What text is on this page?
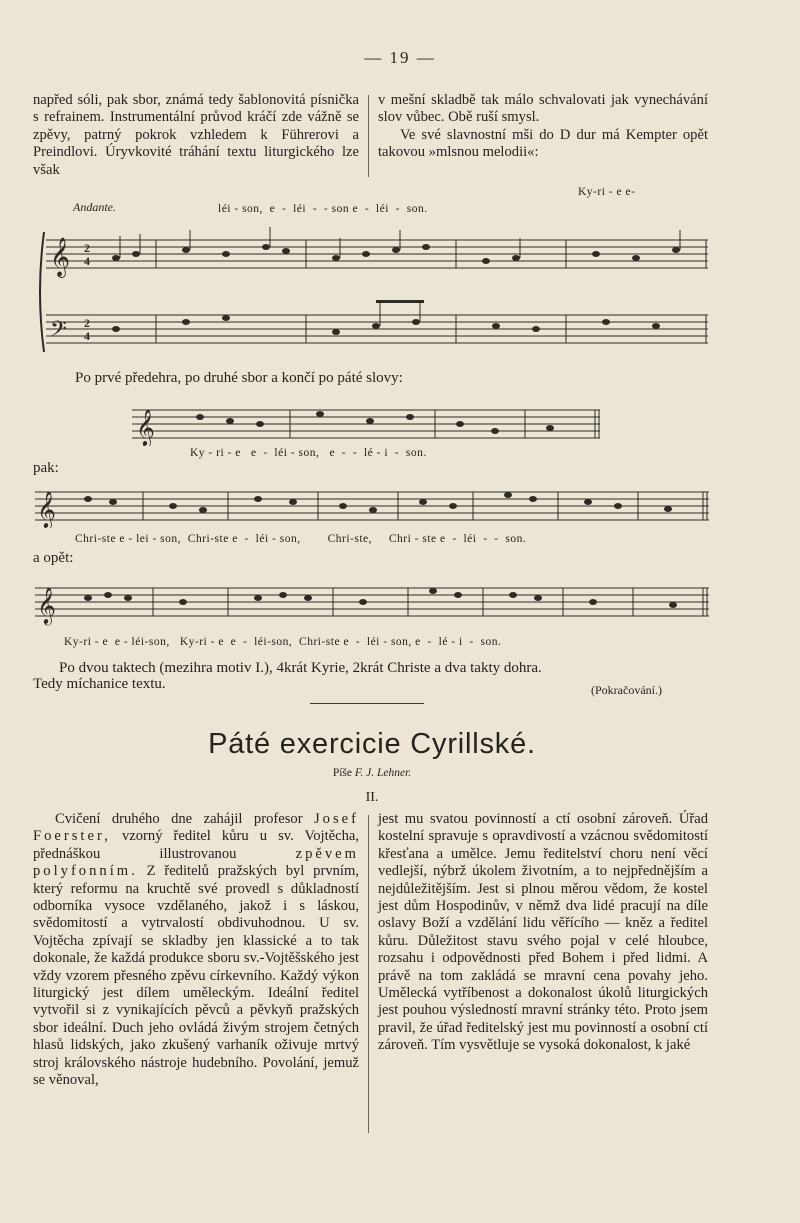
— 19 —

napřed sóli, pak sbor, známá tedy šablonovitá písnička s refrainem. Instrumentální průvod kráčí zde vážně se zpěvy, patrný pokrok vzhledem k Führerovi a Preindlovi. Úryvkovité tráhání textu liturgického lze však

v mešní skladbě tak málo schvalovati jak vynechávání slov vůbec. Obě ruší smysl.

Ve své slavnostní mši do D dur má Kempter opět takovou »mlsnou melodii«:

Andante.
Ky-ri - e e-
léi - son,  e  -  léi  -  - son e  -  léi  -  son.
𝄞
𝄢
2
4
2
4
Po prvé předehra, po druhé sbor a končí po páté slovy:
𝄞
Ky - ri - e   e  -  léi - son,   e  -  -  lé - i  -  son.
pak:
𝄞
Chri-ste e - lei - son,  Chri-ste e  -  léi - son,        Chri-ste,     Chri - ste e  -  léi  -  -  son.
a opět:
𝄞
Ky-ri - e  e - léi-son,   Ky-ri - e  e  -  léi-son,  Chri-ste e  -  léi - son, e  -  lé - i  -  son.
Po dvou taktech (mezihra motiv I.), 4krát Kyrie, 2krát Christe a dva takty dohra.
Tedy míchanice textu.	(Pokračování.)
Páté exercicie Cyrillské.
Píše F. J. Lehner.
II.

Cvičení druhého dne zahájil profesor Josef Foerster, vzorný ředitel kůru u sv. Vojtěcha, přednáškou illustrovanou	zpěvem polyfonním. Z ředitelů pražských byl prvním, který reformu na kruchtě své provedl s důkladností odborníka vysoce vzdělaného, jakož i s láskou, svědomitostí a vytrvalostí obdivuhodnou. U sv. Vojtěcha zpívají se skladby jen klassické a to tak dokonale, že každá produkce sboru sv.-Vojtěšského jest vždy vzorem přesného zpěvu církevního. Každý výkon liturgický jest dílem uměleckým. Ideální ředitel vytvořil si z vynikajících pěvců a pěvkyň pražských sbor ideální. Duch jeho ovládá živým strojem četných hlasů lidských, jako zkušený varhaník oživuje mrtvý stroj královského nástroje hudebního. Povolání, jemuž se věnoval,

jest mu svatou povinností a ctí osobní zároveň. Úřad kostelní spravuje s opravdivostí a vzácnou svědomitostí křesťana a umělce. Jemu ředitelství choru není věcí vedlejší, nýbrž úkolem životním, a to nejpřednějším a nejdůležitějším. Jest si plnou měrou vědom, že kostel jest dům Hospodinův, v němž dva lidé pracují na díle oslavy Boží a vzdělání lidu věřícího — kněz a ředitel kůru. Důležitost stavu svého pojal v celé hloubce, rozsahu i odpovědnosti před Bohem i před lidmi. A právě na tom zakládá se mravní cena povahy jeho. Umělecká vytříbenost a dokonalost úkolů liturgických jest pouhou výsledností mravní stránky této. Proto jsem pravil, že úřad ředitelský jest mu povinností a osobní ctí zároveň. Tím vysvětluje se vysoká dokonalost, k jaké
